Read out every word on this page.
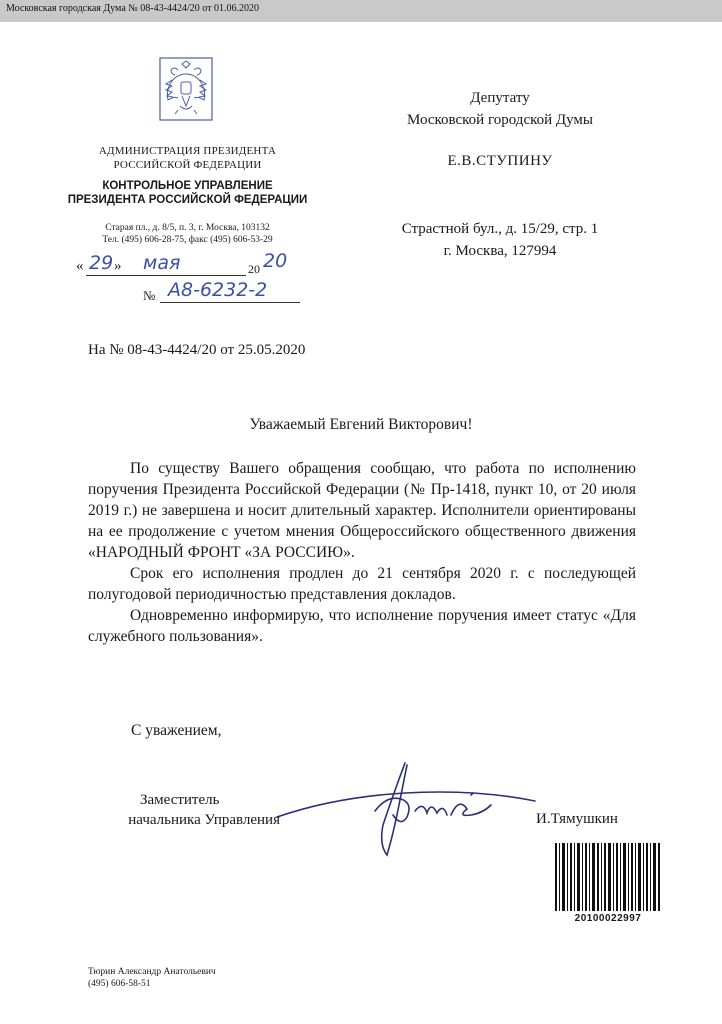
Московская городская Дума № 08-43-4424/20 от 01.06.2020
АДМИНИСТРАЦИЯ ПРЕЗИДЕНТА
РОССИЙСКОЙ ФЕДЕРАЦИИ
КОНТРОЛЬНОЕ УПРАВЛЕНИЕ
ПРЕЗИДЕНТА РОССИЙСКОЙ ФЕДЕРАЦИИ
Старая пл., д. 8/5, п. 3, г. Москва, 103132
Тел. (495) 606-28-75, факс (495) 606-53-29
« 29 » мая	20 20
№ А8-6232-2
Депутату
Московской городской Думы
Е.В.СТУПИНУ
Страстной бул., д. 15/29, стр. 1
г. Москва, 127994
На № 08-43-4424/20 от 25.05.2020
Уважаемый Евгений Викторович!

По существу Вашего обращения сообщаю, что работа по исполнению поручения Президента Российской Федерации (№ Пр-1418, пункт 10, от 20 июля 2019 г.) не завершена и носит длительный характер. Исполнители ориентированы на ее продолжение с учетом мнения Общероссийского общественного движения «НАРОДНЫЙ ФРОНТ «ЗА РОССИЮ».

Срок его исполнения продлен до 21 сентября 2020 г. с последующей полугодовой периодичностью представления докладов.

Одновременно информирую, что исполнение поручения имеет статус «Для служебного пользования».

С уважением,
Заместитель
начальника Управления	И.Тямушкин
20100022997
Тюрин Александр Анатольевич
(495) 606-58-51
